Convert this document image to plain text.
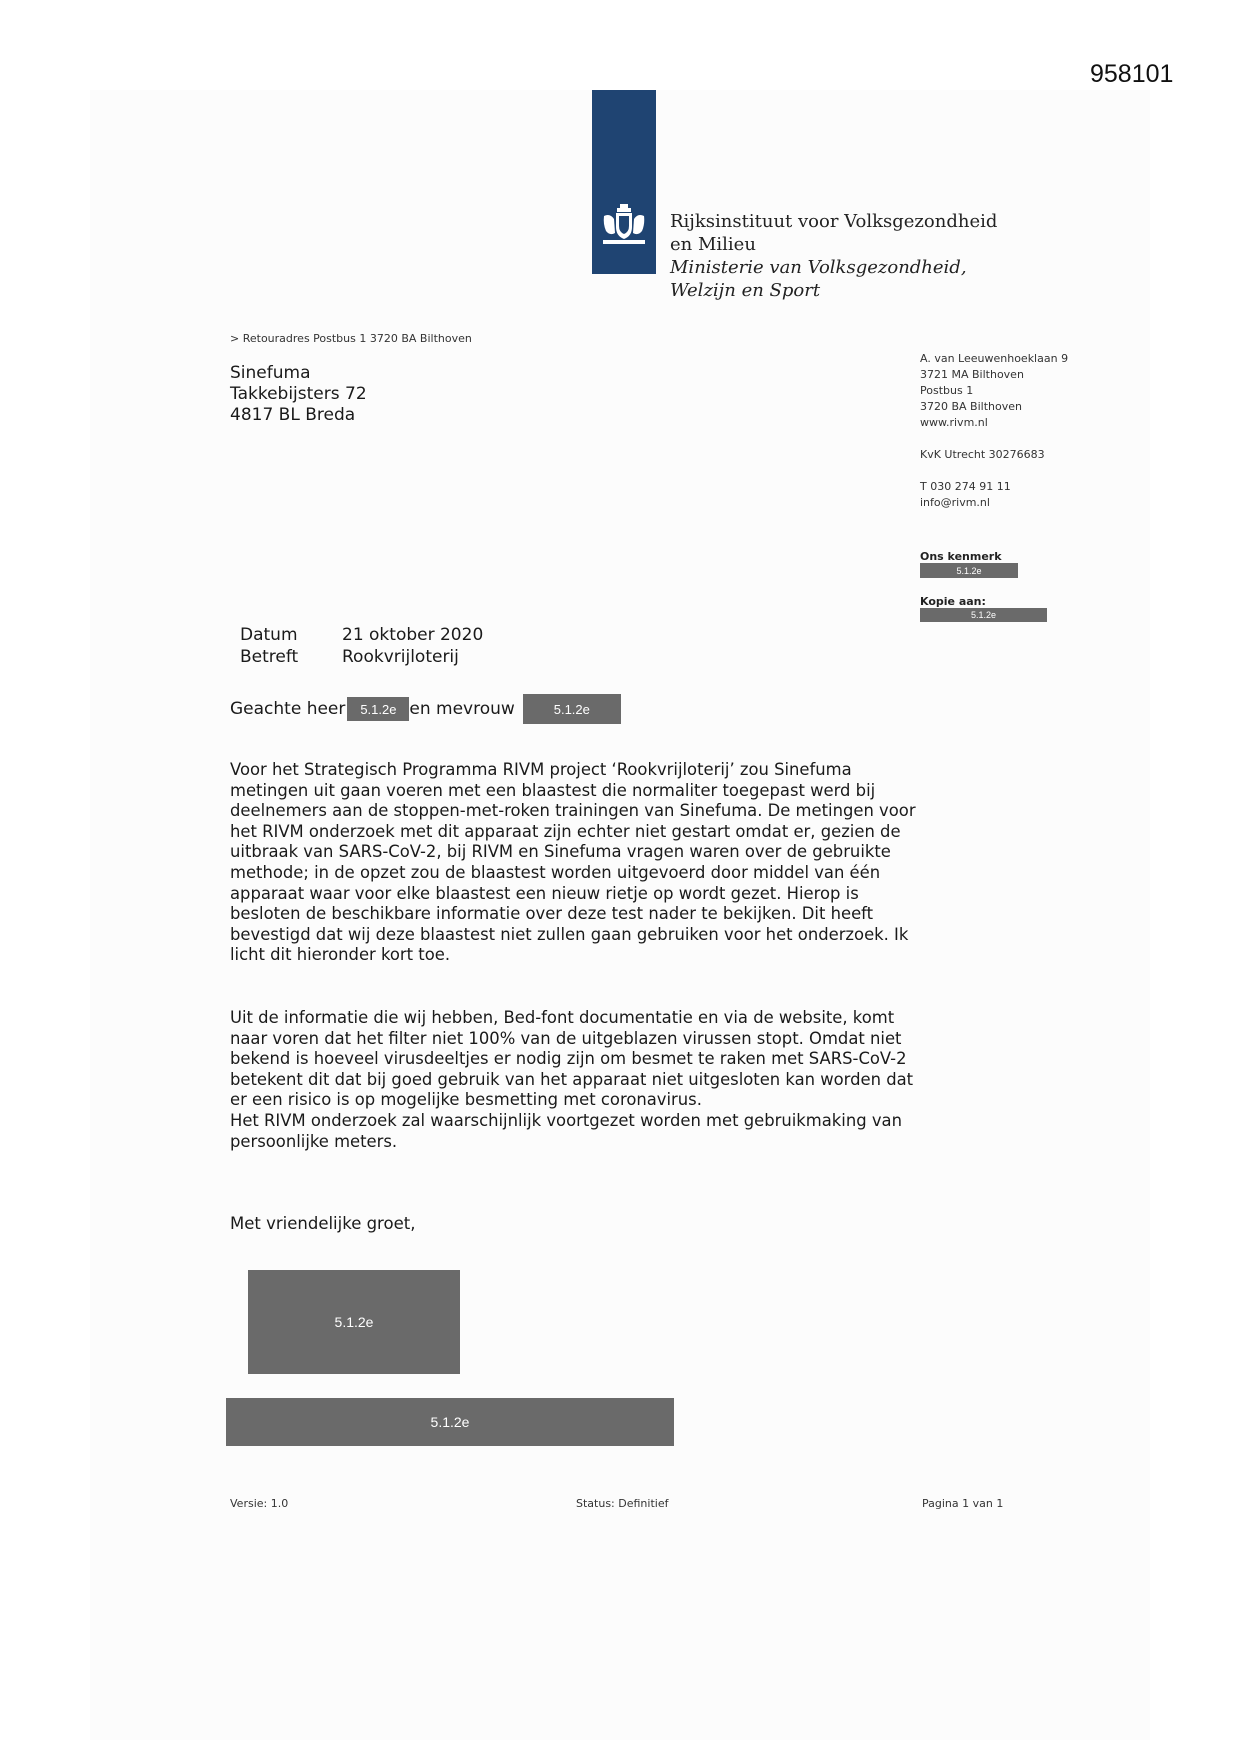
958101
Rijksinstituut voor Volksgezondheid
en Milieu
Ministerie van Volksgezondheid,
Welzijn en Sport
> Retouradres Postbus 1 3720 BA Bilthoven
Sinefuma
Takkebijsters 72
4817 BL Breda
A. van Leeuwenhoeklaan 9
3721 MA Bilthoven
Postbus 1
3720 BA Bilthoven
www.rivm.nl
KvK Utrecht 30276683
T 030 274 91 11
info@rivm.nl
Ons kenmerk
5.1.2e
Kopie aan:
5.1.2e
Datum	21 oktober 2020
Betreft	Rookvrijloterij
Geachte heer	5.1.2e en mevrouw	5.1.2e
Voor het Strategisch Programma RIVM project ‘Rookvrijloterij’ zou Sinefuma metingen uit gaan voeren met een blaastest die normaliter toegepast werd bij deelnemers aan de stoppen-met-roken trainingen van Sinefuma. De metingen voor het RIVM onderzoek met dit apparaat zijn echter niet gestart omdat er, gezien de uitbraak van SARS-CoV-2, bij RIVM en Sinefuma vragen waren over de gebruikte methode; in de opzet zou de blaastest worden uitgevoerd door middel van één apparaat waar voor elke blaastest een nieuw rietje op wordt gezet. Hierop is besloten de beschikbare informatie over deze test nader te bekijken. Dit heeft bevestigd dat wij deze blaastest niet zullen gaan gebruiken voor het onderzoek. Ik licht dit hieronder kort toe.
Uit de informatie die wij hebben, Bed-font documentatie en via de website, komt naar voren dat het filter niet 100% van de uitgeblazen virussen stopt. Omdat niet bekend is hoeveel virusdeeltjes er nodig zijn om besmet te raken met SARS-CoV-2 betekent dit dat bij goed gebruik van het apparaat niet uitgesloten kan worden dat er een risico is op mogelijke besmetting met coronavirus.
Het RIVM onderzoek zal waarschijnlijk voortgezet worden met gebruikmaking van persoonlijke meters.
Met vriendelijke groet,
5.1.2e
5.1.2e
Versie: 1.0	Status: Definitief	Pagina 1 van 1
